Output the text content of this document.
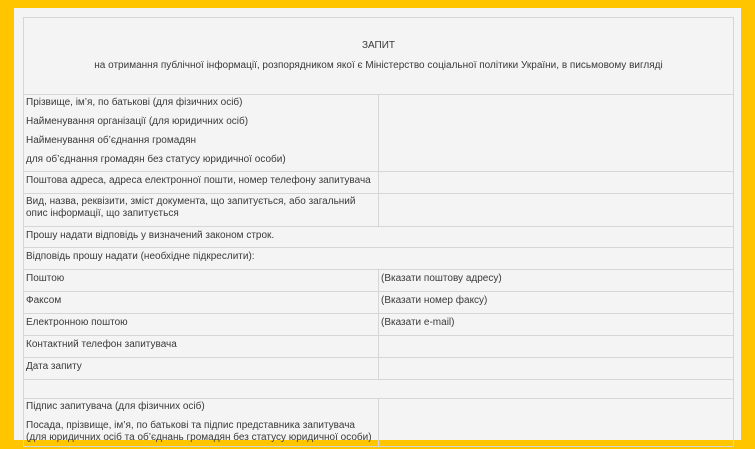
ЗАПИТ
на отримання публічної інформації, розпорядником якої є Міністерство соціальної політики України, в письмовому вигляді	

Прізвище, ім’я, по батькові (для фізичних осіб)
Найменування організації (для юридичних осіб)
Найменування об’єднання громадян
для об’єднання громадян без статусу юридичної особи)	

Поштова адреса, адреса електронної пошти, номер телефону запитувача	
Вид, назва, реквізити, зміст документа, що запитується, або загальний опис інформації, що запитується	
Прошу надати відповідь у визначений законом строк.	
Відповідь прошу надати (необхідне підкреслити):	
Поштою	(Вказати поштову адресу)
Факсом	(Вказати номер факсу)
Електронною поштою	(Вказати e-mail)
Контактний телефон запитувача	
Дата запиту	

Підпис запитувача (для фізичних осіб)
Посада, прізвище, ім’я, по батькові та підпис представника запитувача (для юридичних осіб та об’єднань громадян без статусу юридичної особи)	
